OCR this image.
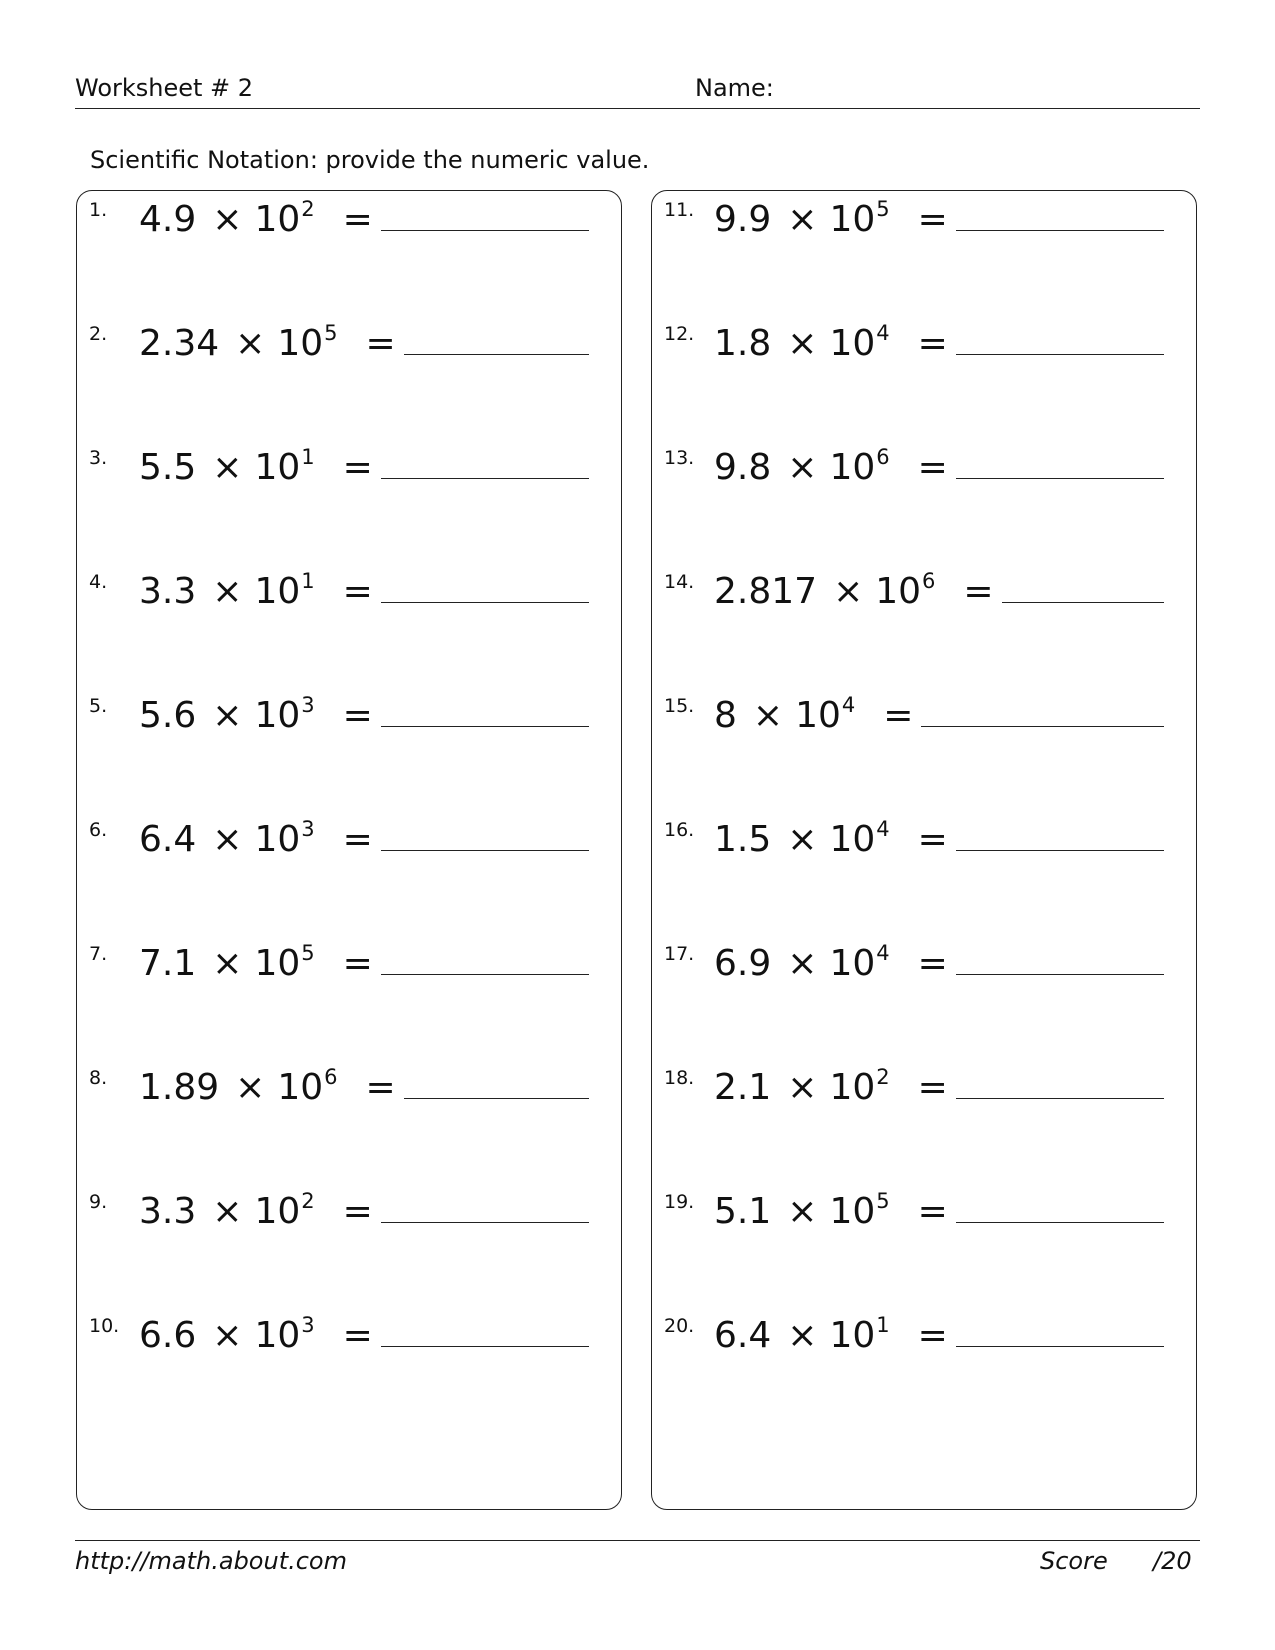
Worksheet # 2	Name:
Scientific Notation: provide the numeric value.
1. 4.9 × 10 2 =
2. 2.34 × 10 5 =
3. 5.5 × 10 1 =
4. 3.3 × 10 1 =
5. 5.6 × 10 3 =
6. 6.4 × 10 3 =
7. 7.1 × 10 5 =
8. 1.89 × 10 6 =
9. 3.3 × 10 2 =
10. 6.6 × 10 3 =
11. 9.9 × 10 5 =
12. 1.8 × 10 4 =
13. 9.8 × 10 6 =
14. 2.817 × 10 6 =
15. 8 × 10 4 =
16. 1.5 × 10 4 =
17. 6.9 × 10 4 =
18. 2.1 × 10 2 =
19. 5.1 × 10 5 =
20. 6.4 × 10 1 =
http://math.about.com	Score /20
